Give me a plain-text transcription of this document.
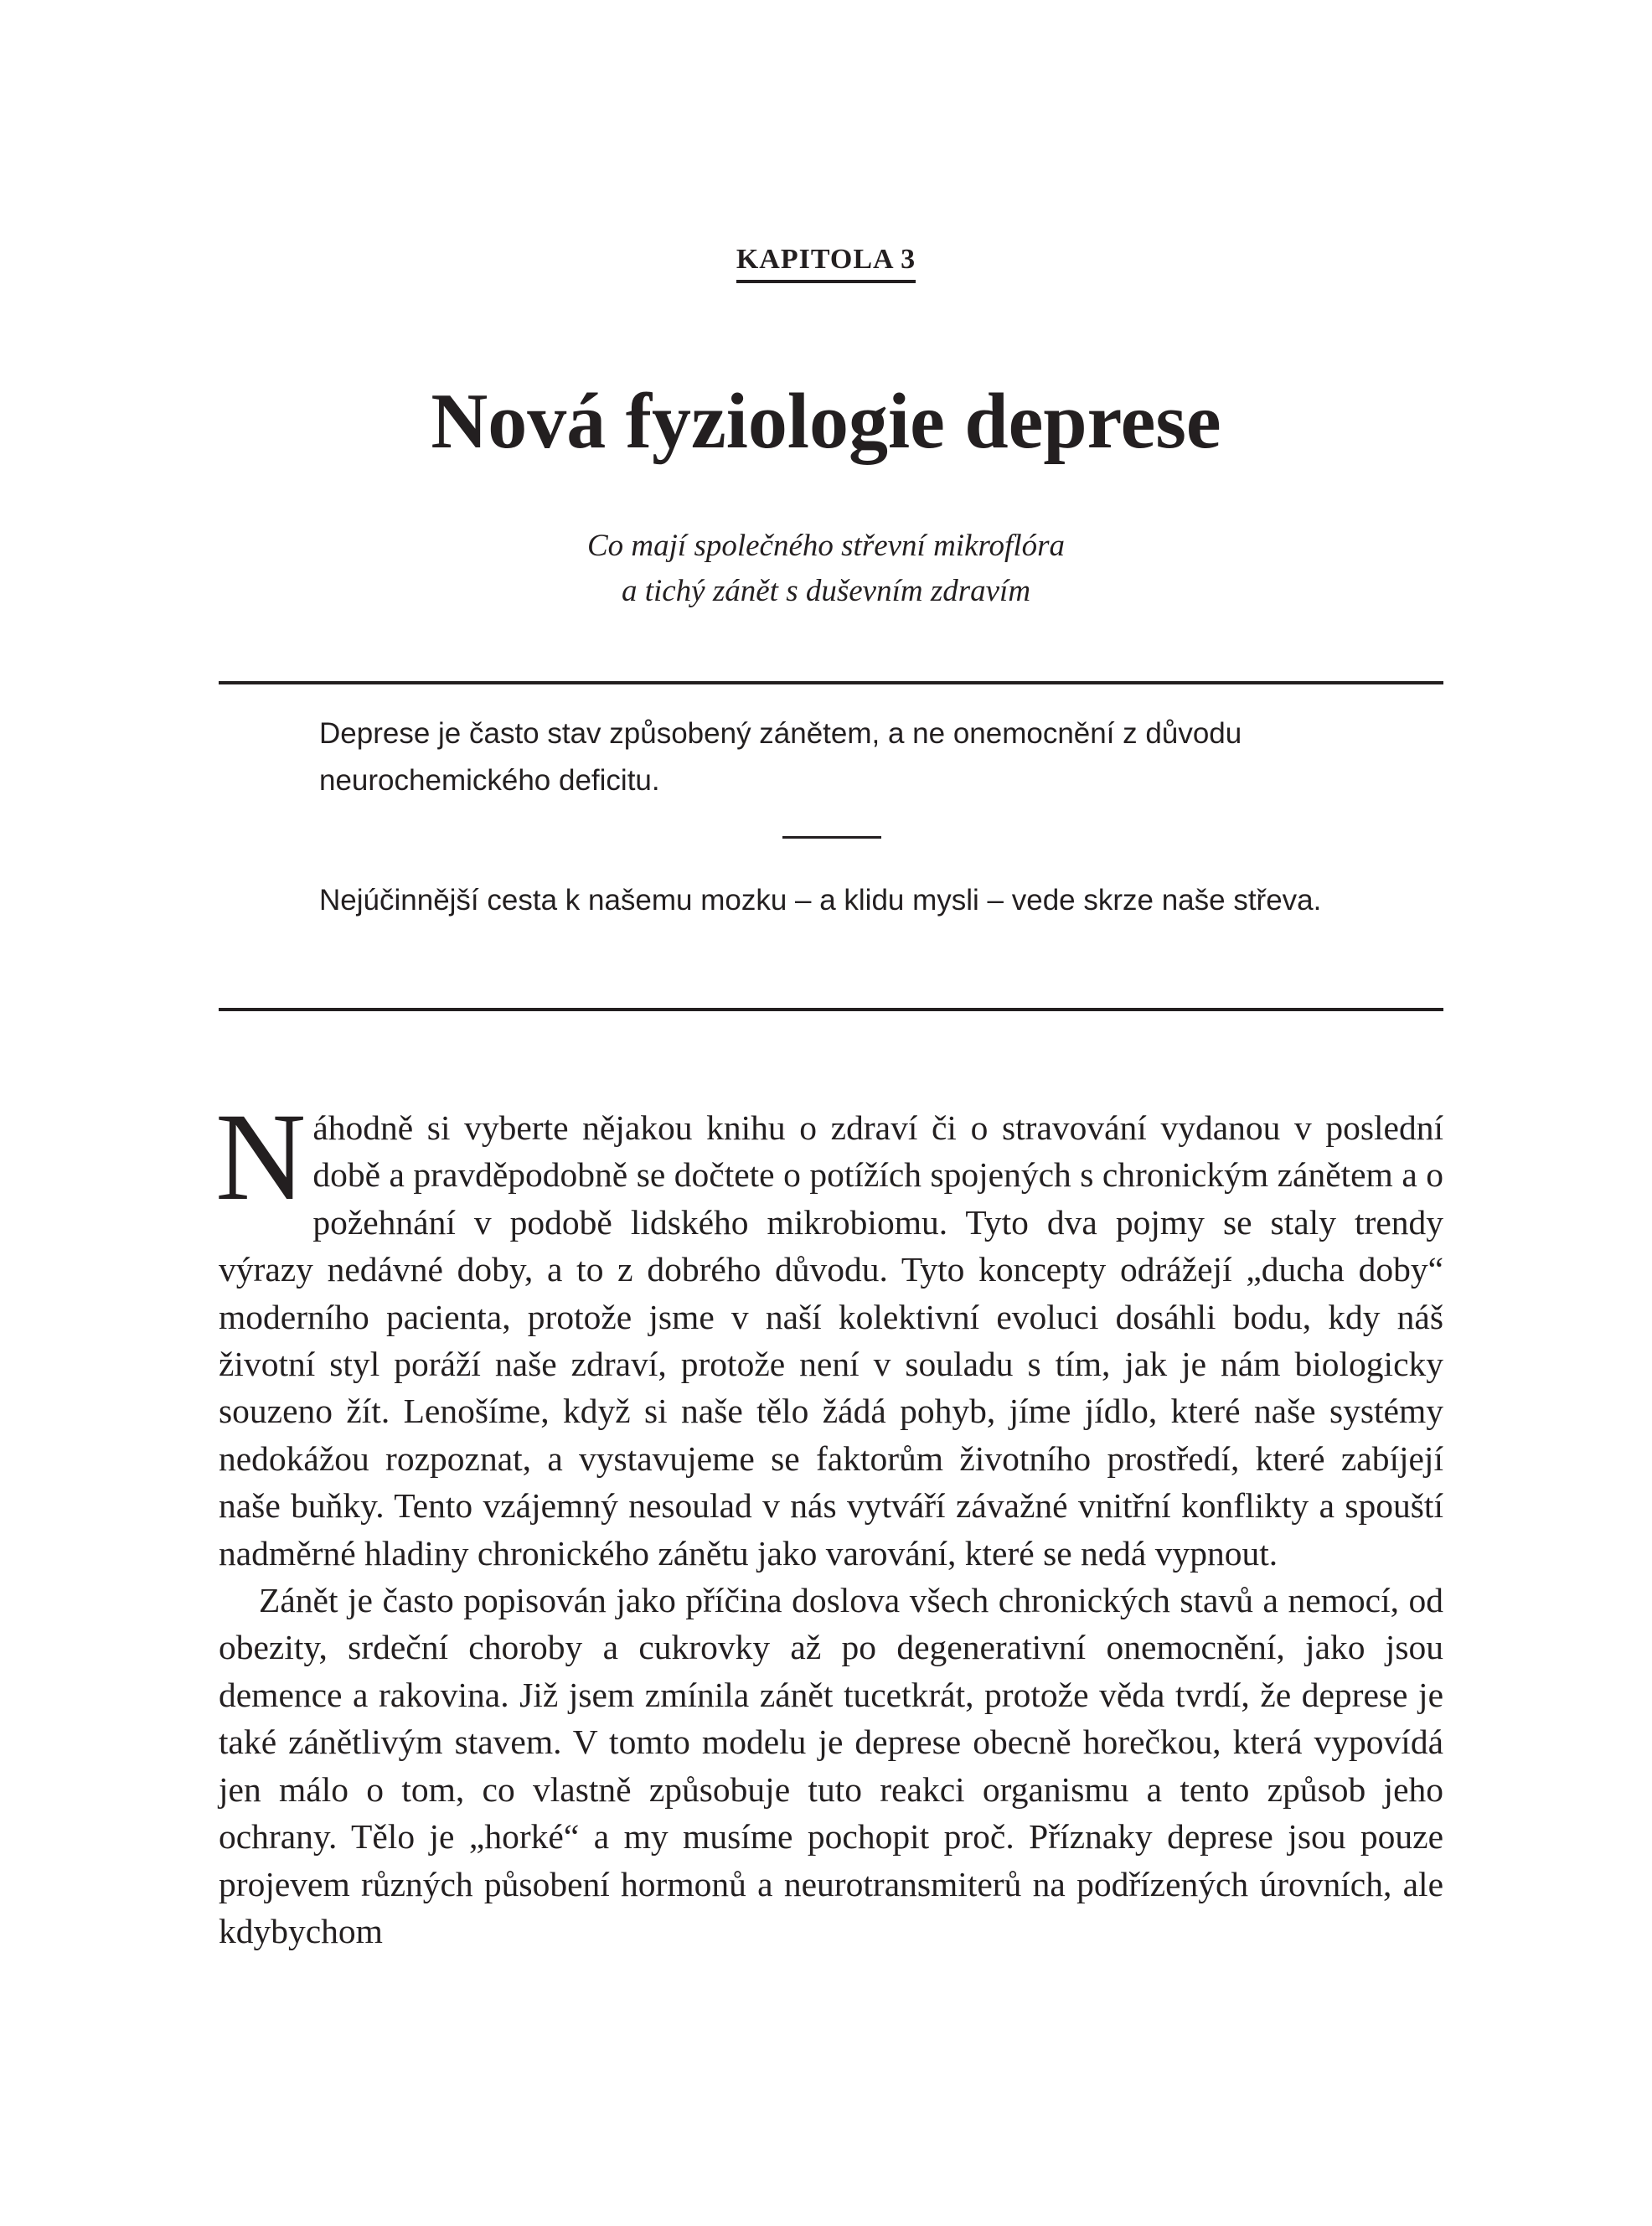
KAPITOLA 3
Nová fyziologie deprese
Co mají společného střevní mikroflóra
a tichý zánět s duševním zdravím
Deprese je často stav způsobený zánětem, a ne onemocnění z důvodu neurochemického deficitu.
Nejúčinnější cesta k našemu mozku – a klidu mysli – vede skrze naše střeva.

Náhodně si vyberte nějakou knihu o zdraví či o stravování vydanou v poslední době a pravděpodobně se dočtete o potížích spojených s chronickým zánětem a o požehnání v podobě lidského mikrobiomu. Tyto dva pojmy se staly trendy výrazy nedávné doby, a to z dobrého důvodu. Tyto koncepty odrážejí „ducha doby“ moderního pacienta, protože jsme v naší kolektivní evoluci dosáhli bodu, kdy náš životní styl poráží naše zdraví, protože není v souladu s tím, jak je nám biologicky souzeno žít. Lenošíme, když si naše tělo žádá pohyb, jíme jídlo, které naše systémy nedokážou rozpoznat, a vystavujeme se faktorům životního prostředí, které zabíjejí naše buňky. Tento vzájemný nesoulad v nás vytváří závažné vnitřní konflikty a spouští nadměrné hladiny chronického zánětu jako varování, které se nedá vypnout.

Zánět je často popisován jako příčina doslova všech chronických stavů a nemocí, od obezity, srdeční choroby a cukrovky až po degenerativní onemocnění, jako jsou demence a rakovina. Již jsem zmínila zánět tucetkrát, protože věda tvrdí, že deprese je také zánětlivým stavem. V tomto modelu je deprese obecně horečkou, která vypovídá jen málo o tom, co vlastně způsobuje tuto reakci organismu a tento způsob jeho ochrany. Tělo je „horké“ a my musíme pochopit proč. Příznaky deprese jsou pouze projevem různých působení hormonů a neurotransmiterů na podřízených úrovních, ale kdybychom
